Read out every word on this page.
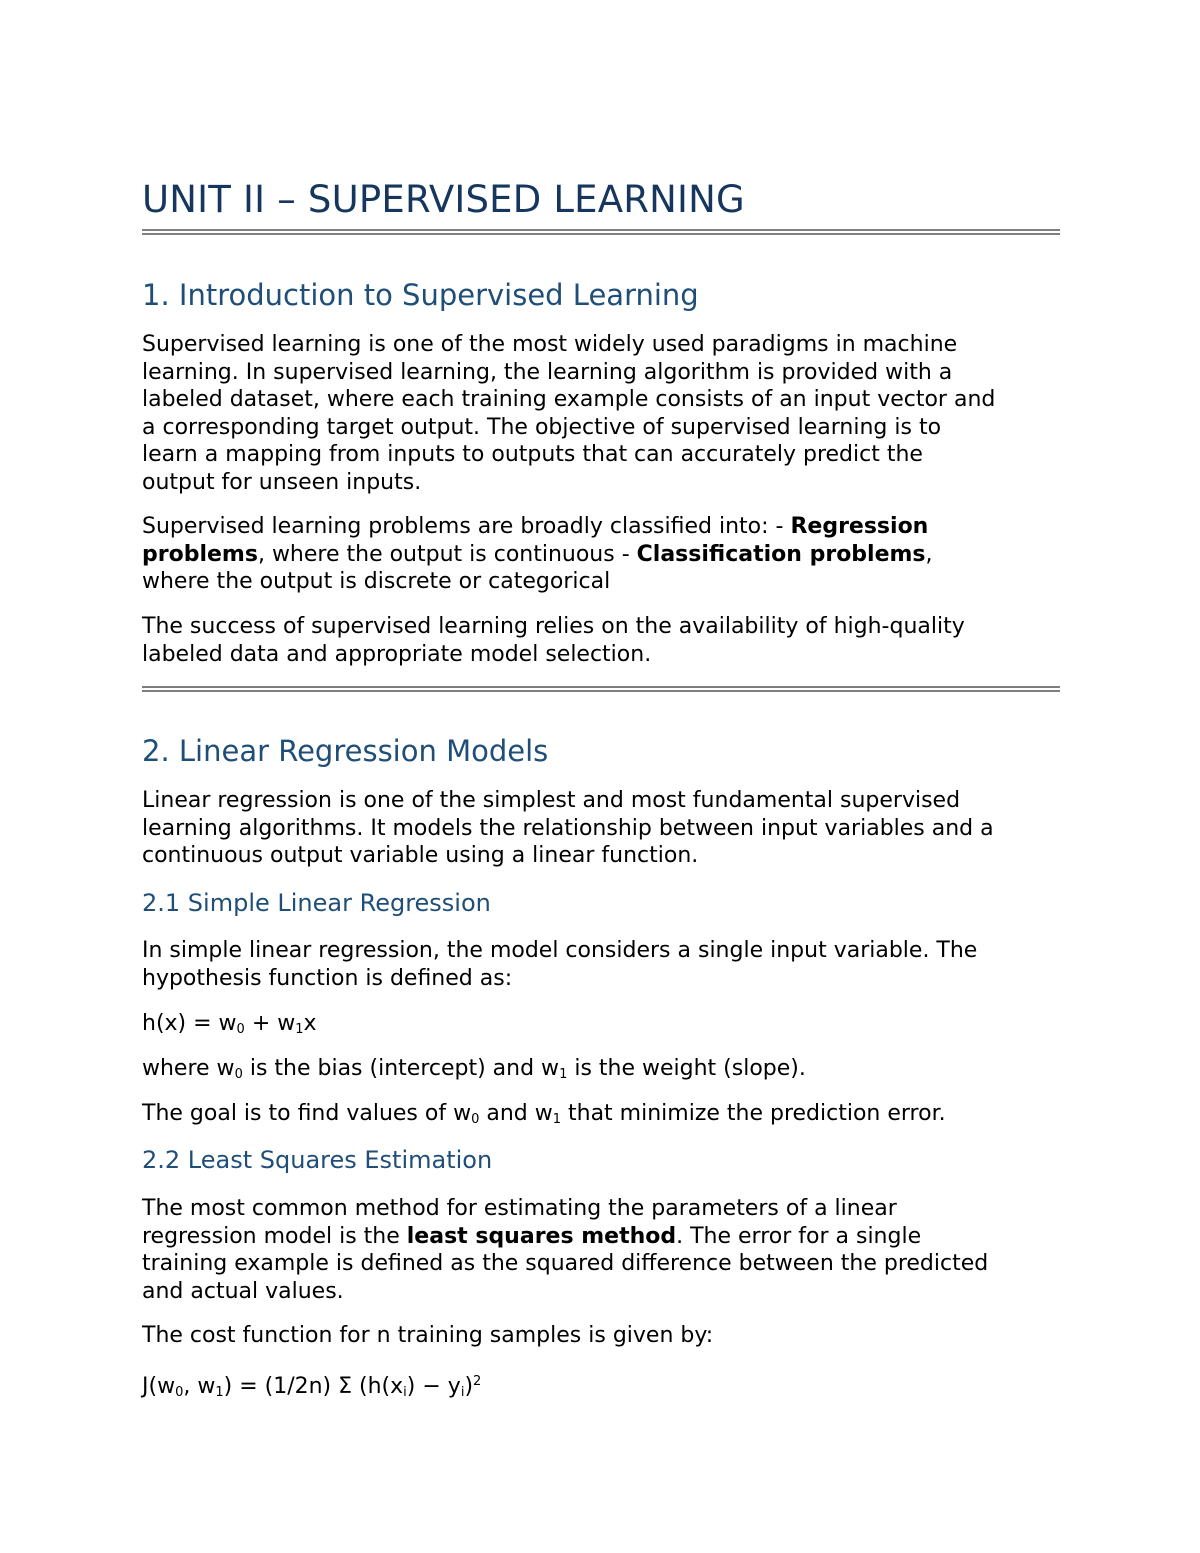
UNIT II – SUPERVISED LEARNING
1. Introduction to Supervised Learning

Supervised learning is one of the most widely used paradigms in machine
learning. In supervised learning, the learning algorithm is provided with a
labeled dataset, where each training example consists of an input vector and
a corresponding target output. The objective of supervised learning is to
learn a mapping from inputs to outputs that can accurately predict the
output for unseen inputs.

Supervised learning problems are broadly classified into: - Regression
problems, where the output is continuous - Classification problems,
where the output is discrete or categorical

The success of supervised learning relies on the availability of high-quality
labeled data and appropriate model selection.

2. Linear Regression Models

Linear regression is one of the simplest and most fundamental supervised
learning algorithms. It models the relationship between input variables and a
continuous output variable using a linear function.

2.1 Simple Linear Regression

In simple linear regression, the model considers a single input variable. The
hypothesis function is defined as:

$h(x) = w_0 + w_1x$

where $w_0$ is the bias (intercept) and $w_1$ is the weight (slope).

The goal is to find values of $w_0$ and $w_1$ that minimize the prediction error.

2.2 Least Squares Estimation

The most common method for estimating the parameters of a linear
regression model is the least squares method. The error for a single
training example is defined as the squared difference between the predicted
and actual values.

The cost function for n training samples is given by:

$J(w_0$, $w_1) = (1/2n)$ Σ $(h(x_i) - y_i)^2$
